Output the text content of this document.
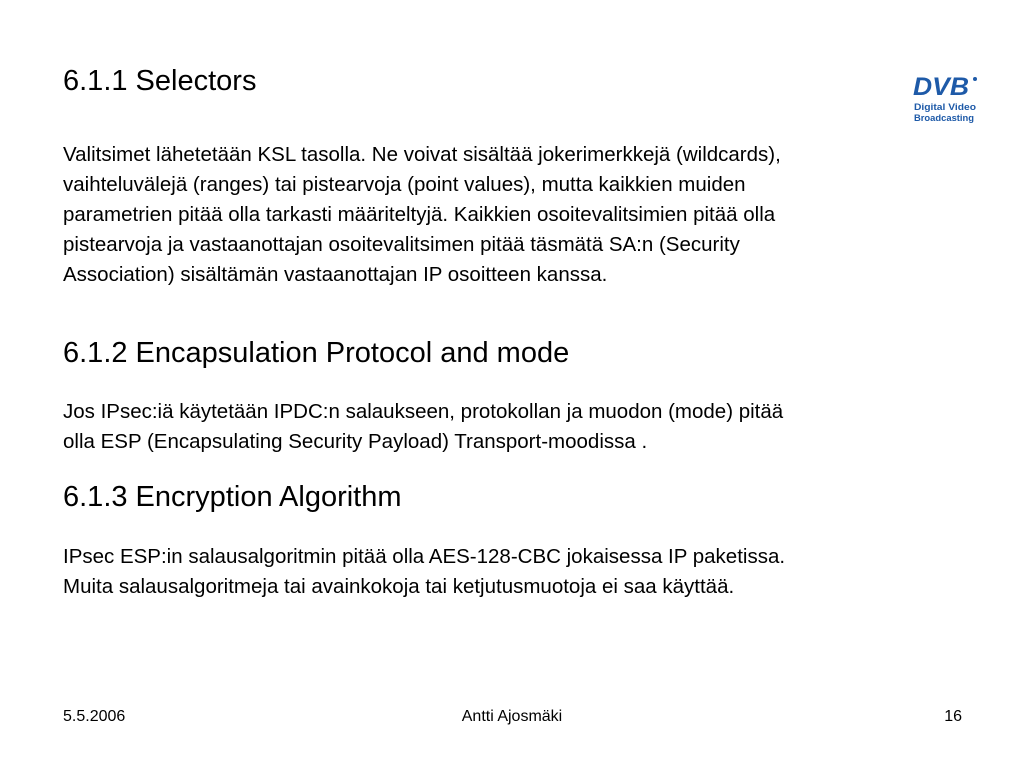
DVB
Digital Video
Broadcasting
6.1.1 Selectors

Valitsimet lähetetään KSL tasolla. Ne voivat sisältää jokerimerkkejä (wildcards),
vaihteluvälejä (ranges) tai pistearvoja (point values), mutta kaikkien muiden
parametrien pitää olla tarkasti määriteltyjä. Kaikkien osoitevalitsimien pitää olla
pistearvoja ja vastaanottajan osoitevalitsimen pitää täsmätä SA:n (Security
Association) sisältämän vastaanottajan IP osoitteen kanssa.

6.1.2 Encapsulation Protocol and mode

Jos IPsec:iä käytetään IPDC:n salaukseen, protokollan ja muodon (mode) pitää
olla ESP (Encapsulating Security Payload) Transport-moodissa .

6.1.3 Encryption Algorithm

IPsec ESP:in salausalgoritmin pitää olla AES-128-CBC jokaisessa IP paketissa.
Muita salausalgoritmeja tai avainkokoja tai ketjutusmuotoja ei saa käyttää.

5.5.2006	Antti Ajosmäki	16
